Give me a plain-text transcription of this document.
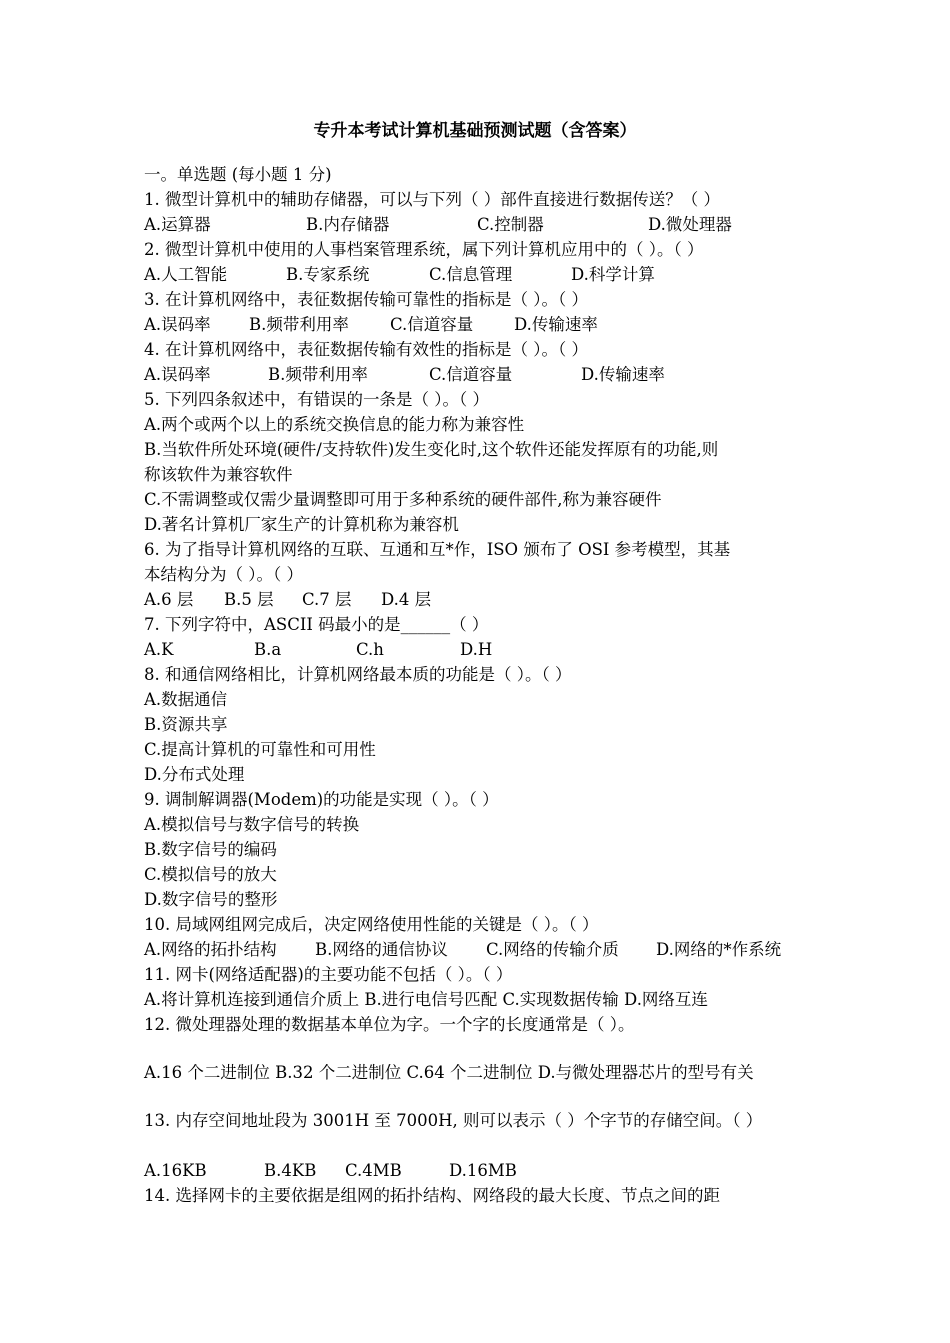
专升本考试计算机基础预测试题（含答案）
一。单选题 (每小题 1 分)
1. 微型计算机中的辅助存储器，可以与下列（ ）部件直接进行数据传送？（ ）
A.运算器	B.内存储器	C.控制器	D.微处理器
2. 微型计算机中使用的人事档案管理系统，属下列计算机应用中的（ ）。（ ）
A.人工智能	B.专家系统	C.信息管理	D.科学计算
3. 在计算机网络中，表征数据传输可靠性的指标是（ ）。（ ）
A.误码率 B.频带利用率 C.信道容量 D.传输速率
4. 在计算机网络中，表征数据传输有效性的指标是（ ）。（ ）
A.误码率	B.频带利用率	C.信道容量	D.传输速率
5. 下列四条叙述中，有错误的一条是（ ）。（ ）
A.两个或两个以上的系统交换信息的能力称为兼容性
B.当软件所处环境(硬件/支持软件)发生变化时,这个软件还能发挥原有的功能,则
称该软件为兼容软件
C.不需调整或仅需少量调整即可用于多种系统的硬件部件,称为兼容硬件
D.著名计算机厂家生产的计算机称为兼容机
6. 为了指导计算机网络的互联、互通和互*作，ISO 颁布了 OSI 参考模型，其基
本结构分为（ ）。（ ）
A.6 层 B.5 层 C.7 层 D.4 层
7. 下列字符中，ASCII 码最小的是______（ ）
A.K	B.a	C.h	D.H
8. 和通信网络相比，计算机网络最本质的功能是（ ）。（ ）
A.数据通信
B.资源共享
C.提高计算机的可靠性和可用性
D.分布式处理
9. 调制解调器(Modem)的功能是实现（ ）。（ ）
A.模拟信号与数字信号的转换
B.数字信号的编码
C.模拟信号的放大
D.数字信号的整形
10. 局域网组网完成后，决定网络使用性能的关键是（ ）。（ ）
A.网络的拓扑结构 B.网络的通信协议 C.网络的传输介质 D.网络的*作系统
11. 网卡(网络适配器)的主要功能不包括（ ）。（ ）
A.将计算机连接到通信介质上 B.进行电信号匹配 C.实现数据传输 D.网络互连
12. 微处理器处理的数据基本单位为字。一个字的长度通常是（ ）。
A.16 个二进制位 B.32 个二进制位 C.64 个二进制位 D.与微处理器芯片的型号有关
13. 内存空间地址段为 3001H 至 7000H, 则可以表示（ ）个字节的存储空间。（ ）
A.16KB	B.4KB C.4MB	D.16MB
14. 选择网卡的主要依据是组网的拓扑结构、网络段的最大长度、节点之间的距
